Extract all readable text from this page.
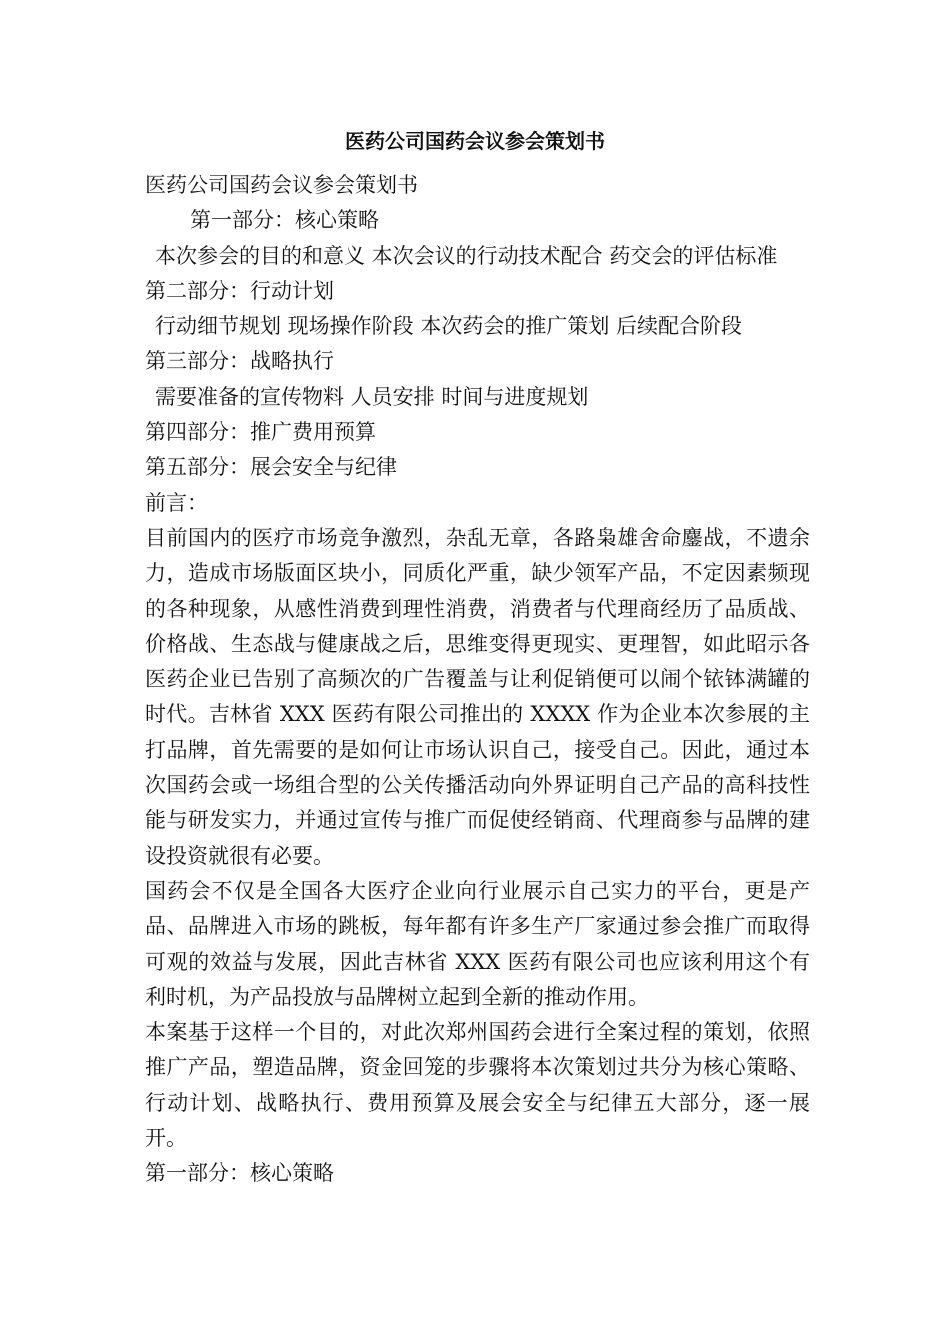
医药公司国药会议参会策划书

医药公司国药会议参会策划书

第一部分：核心策略

本次参会的目的和意义 本次会议的行动技术配合 药交会的评估标准

第二部分：行动计划

行动细节规划 现场操作阶段 本次药会的推广策划 后续配合阶段

第三部分：战略执行

需要准备的宣传物料 人员安排 时间与进度规划

第四部分：推广费用预算

第五部分：展会安全与纪律

前言：

目前国内的医疗市场竞争激烈，杂乱无章，各路枭雄舍命鏖战，不遗余力，造成市场版面区块小，同质化严重，缺少领军产品，不定因素频现的各种现象，从感性消费到理性消费，消费者与代理商经历了品质战、价格战、生态战与健康战之后，思维变得更现实、更理智，如此昭示各医药企业已告别了高频次的广告覆盖与让利促销便可以闹个铱钵满罐的时代。吉林省 XXX 医药有限公司推出的 XXXX 作为企业本次参展的主打品牌，首先需要的是如何让市场认识自己，接受自己。因此，通过本次国药会或一场组合型的公关传播活动向外界证明自己产品的高科技性能与研发实力，并通过宣传与推广而促使经销商、代理商参与品牌的建设投资就很有必要。

国药会不仅是全国各大医疗企业向行业展示自己实力的平台，更是产品、品牌进入市场的跳板，每年都有许多生产厂家通过参会推广而取得可观的效益与发展，因此吉林省 XXX 医药有限公司也应该利用这个有利时机，为产品投放与品牌树立起到全新的推动作用。

本案基于这样一个目的，对此次郑州国药会进行全案过程的策划，依照推广产品，塑造品牌，资金回笼的步骤将本次策划过共分为核心策略、行动计划、战略执行、费用预算及展会安全与纪律五大部分，逐一展开。

第一部分：核心策略
